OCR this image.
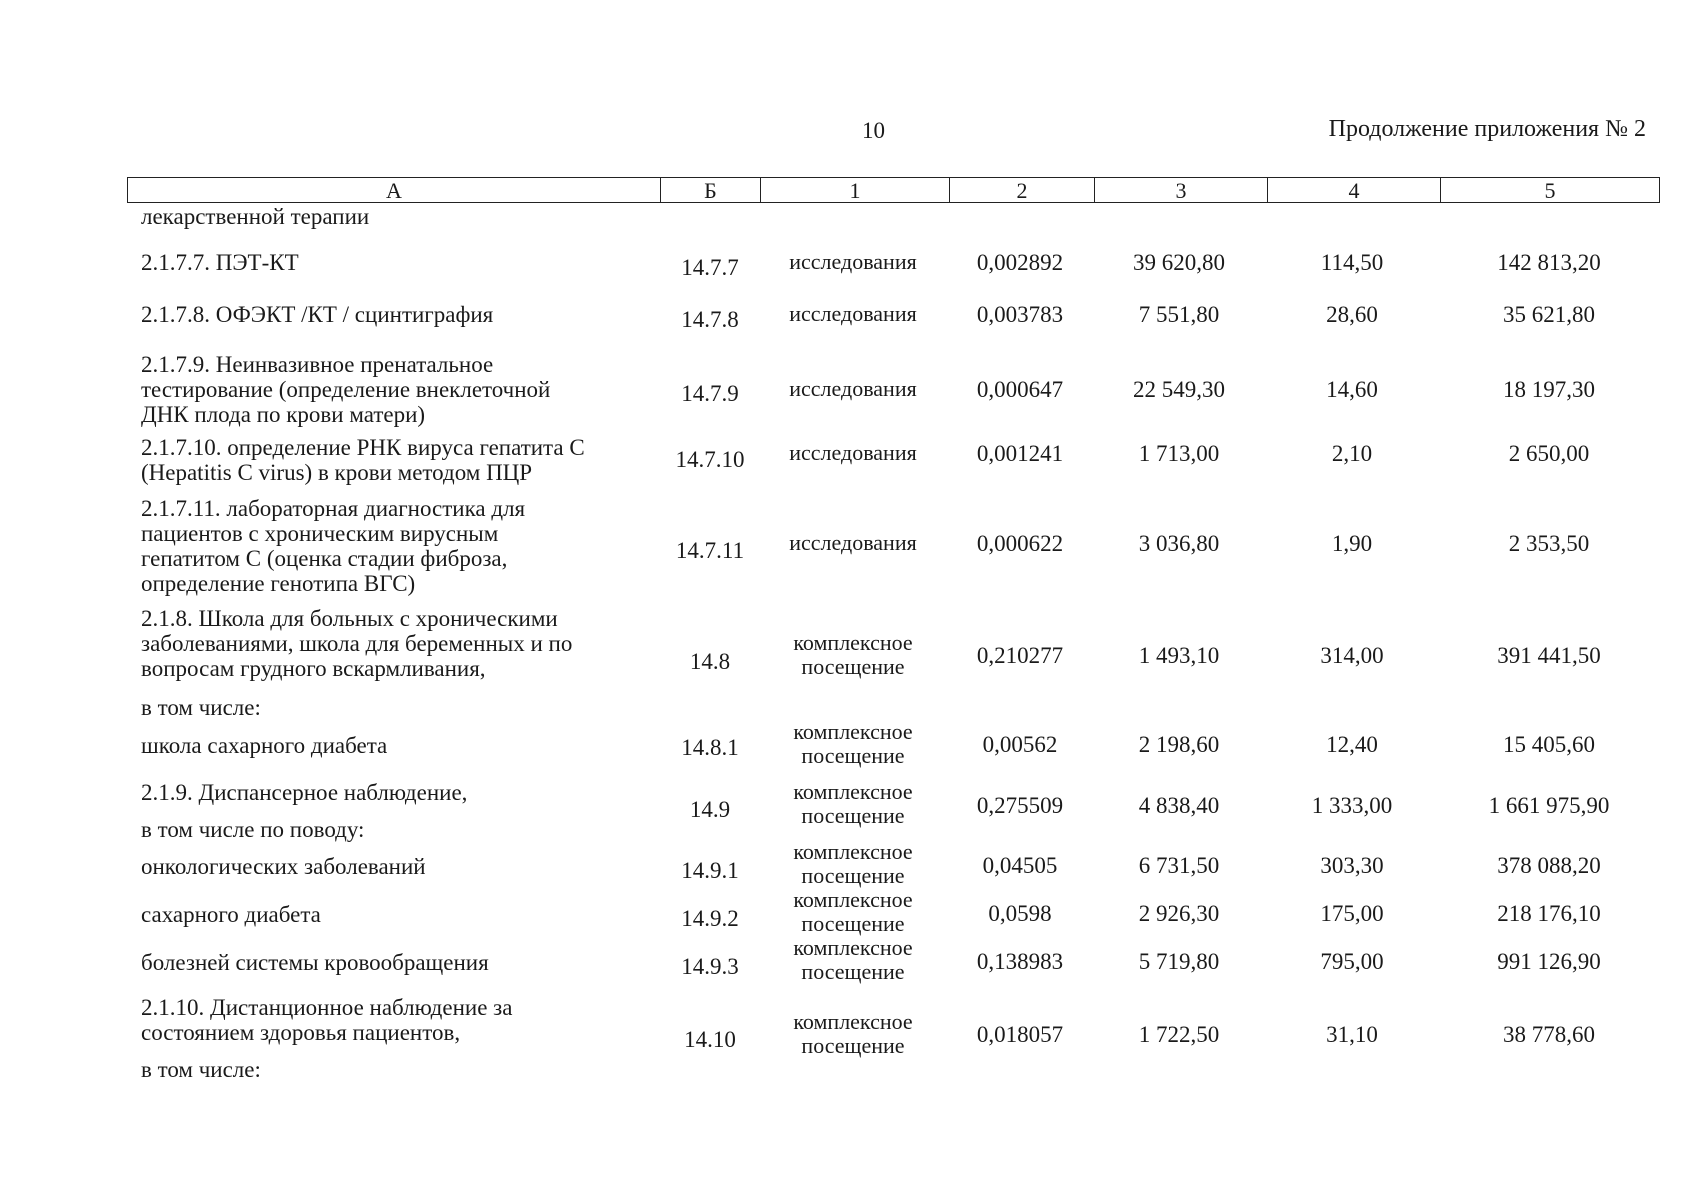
10	Продолжение приложения № 2
А	Б	1	2	3	4	5
лекарственной терапии
2.1.7.7. ПЭТ-КТ	14.7.7	исследования	0,002892	39 620,80	114,50	142 813,20
2.1.7.8. ОФЭКТ /КТ / сцинтиграфия	14.7.8	исследования	0,003783	7 551,80	28,60	35 621,80
2.1.7.9. Неинвазивное пренатальное
тестирование (определение внеклеточной
ДНК плода по крови матери)
14.7.9	исследования	0,000647	22 549,30	14,60	18 197,30
2.1.7.10. определение РНК вируса гепатита С
(Hepatitis C virus) в крови методом ПЦР
14.7.10	исследования	0,001241	1 713,00	2,10	2 650,00
2.1.7.11. лабораторная диагностика для
пациентов с хроническим вирусным
гепатитом С (оценка стадии фиброза,
определение генотипа ВГС)
14.7.11	исследования	0,000622	3 036,80	1,90	2 353,50
2.1.8. Школа для больных с хроническими
заболеваниями, школа для беременных и по
вопросам грудного вскармливания,	14.8
комплексное
посещение	0,210277	1 493,10	314,00	391 441,50
в том числе:
школа сахарного диабета	14.8.1
комплексное
посещение	0,00562	2 198,60	12,40	15 405,60
2.1.9. Диспансерное наблюдение,
14.9
комплексное
посещение	0,275509	4 838,40	1 333,00	1 661 975,90
в том числе по поводу:
онкологических заболеваний	14.9.1
комплексное
посещение	0,04505	6 731,50	303,30	378 088,20
сахарного диабета	14.9.2
комплексное
посещение	0,0598	2 926,30	175,00	218 176,10
болезней системы кровообращения	14.9.3
комплексное
посещение	0,138983	5 719,80	795,00	991 126,90
2.1.10. Дистанционное наблюдение за
состоянием здоровья пациентов,	14.10
комплексное
посещение	0,018057	1 722,50	31,10	38 778,60
в том числе:
